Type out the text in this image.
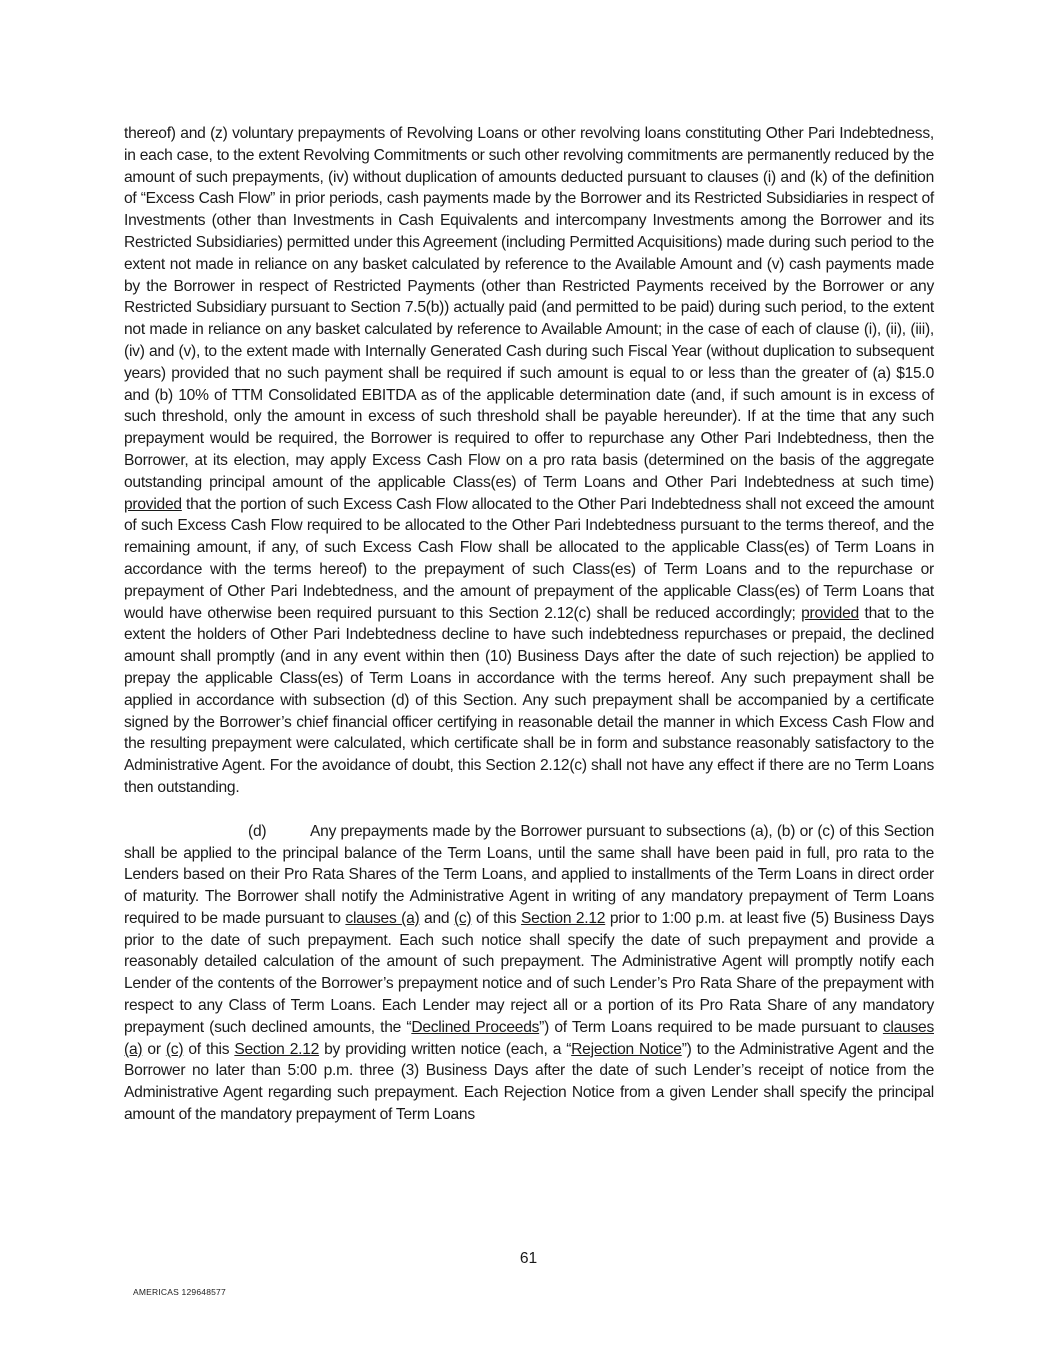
thereof) and (z) voluntary prepayments of Revolving Loans or other revolving loans constituting Other Pari Indebtedness, in each case, to the extent Revolving Commitments or such other revolving commitments are permanently reduced by the amount of such prepayments, (iv) without duplication of amounts deducted pursuant to clauses (i) and (k) of the definition of “Excess Cash Flow” in prior periods, cash payments made by the Borrower and its Restricted Subsidiaries in respect of Investments (other than Investments in Cash Equivalents and intercompany Investments among the Borrower and its Restricted Subsidiaries) permitted under this Agreement (including Permitted Acquisitions) made during such period to the extent not made in reliance on any basket calculated by reference to the Available Amount and (v) cash payments made by the Borrower in respect of Restricted Payments (other than Restricted Payments received by the Borrower or any Restricted Subsidiary pursuant to Section 7.5(b)) actually paid (and permitted to be paid) during such period, to the extent not made in reliance on any basket calculated by reference to Available Amount; in the case of each of clause (i), (ii), (iii), (iv) and (v), to the extent made with Internally Generated Cash during such Fiscal Year (without duplication to subsequent years) provided that no such payment shall be required if such amount is equal to or less than the greater of (a) $15.0 and (b) 10% of TTM Consolidated EBITDA as of the applicable determination date (and, if such amount is in excess of such threshold, only the amount in excess of such threshold shall be payable hereunder). If at the time that any such prepayment would be required, the Borrower is required to offer to repurchase any Other Pari Indebtedness, then the Borrower, at its election, may apply Excess Cash Flow on a pro rata basis (determined on the basis of the aggregate outstanding principal amount of the applicable Class(es) of Term Loans and Other Pari Indebtedness at such time) provided that the portion of such Excess Cash Flow allocated to the Other Pari Indebtedness shall not exceed the amount of such Excess Cash Flow required to be allocated to the Other Pari Indebtedness pursuant to the terms thereof, and the remaining amount, if any, of such Excess Cash Flow shall be allocated to the applicable Class(es) of Term Loans in accordance with the terms hereof) to the prepayment of such Class(es) of Term Loans and to the repurchase or prepayment of Other Pari Indebtedness, and the amount of prepayment of the applicable Class(es) of Term Loans that would have otherwise been required pursuant to this Section 2.12(c) shall be reduced accordingly; provided that to the extent the holders of Other Pari Indebtedness decline to have such indebtedness repurchases or prepaid, the declined amount shall promptly (and in any event within then (10) Business Days after the date of such rejection) be applied to prepay the applicable Class(es) of Term Loans in accordance with the terms hereof. Any such prepayment shall be applied in accordance with subsection (d) of this Section. Any such prepayment shall be accompanied by a certificate signed by the Borrower’s chief financial officer certifying in reasonable detail the manner in which Excess Cash Flow and the resulting prepayment were calculated, which certificate shall be in form and substance reasonably satisfactory to the Administrative Agent. For the avoidance of doubt, this Section 2.12(c) shall not have any effect if there are no Term Loans then outstanding.

(d)	Any prepayments made by the Borrower pursuant to subsections (a), (b) or (c) of this Section shall be applied to the principal balance of the Term Loans, until the same shall have been paid in full, pro rata to the Lenders based on their Pro Rata Shares of the Term Loans, and applied to installments of the Term Loans in direct order of maturity. The Borrower shall notify the Administrative Agent in writing of any mandatory prepayment of Term Loans required to be made pursuant to clauses (a) and (c) of this Section 2.12 prior to 1:00 p.m. at least five (5) Business Days prior to the date of such prepayment. Each such notice shall specify the date of such prepayment and provide a reasonably detailed calculation of the amount of such prepayment. The Administrative Agent will promptly notify each Lender of the contents of the Borrower’s prepayment notice and of such Lender’s Pro Rata Share of the prepayment with respect to any Class of Term Loans. Each Lender may reject all or a portion of its Pro Rata Share of any mandatory prepayment (such declined amounts, the “Declined Proceeds”) of Term Loans required to be made pursuant to clauses (a) or (c) of this Section 2.12 by providing written notice (each, a “Rejection Notice”) to the Administrative Agent and the Borrower no later than 5:00 p.m. three (3) Business Days after the date of such Lender’s receipt of notice from the Administrative Agent regarding such prepayment. Each Rejection Notice from a given Lender shall specify the principal amount of the mandatory prepayment of Term Loans

61
AMERICAS 129648577
